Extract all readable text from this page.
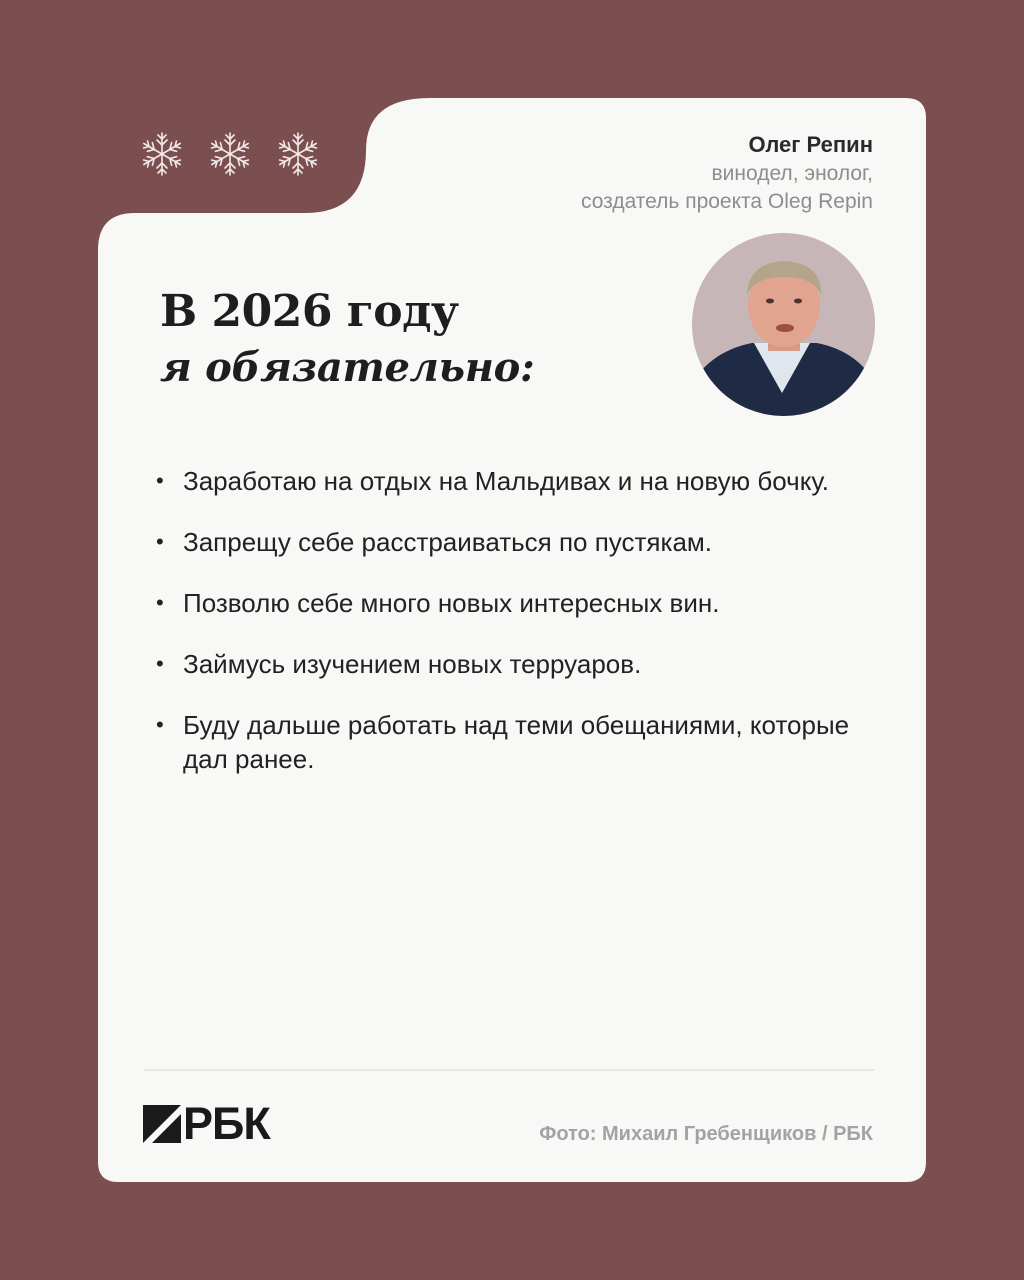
Олег Репин
винодел, энолог,
создатель проекта Oleg Repin
В 2026 году
я обязательно:
• Заработаю на отдых на Мальдивах и на новую бочку.
• Запрещу себе расстраиваться по пустякам.
• Позволю себе много новых интересных вин.
• Займусь изучением новых терруаров.
• Буду дальше работать над теми обещаниями, которые дал ранее.
РБК	Фото: Михаил Гребенщиков / РБК
